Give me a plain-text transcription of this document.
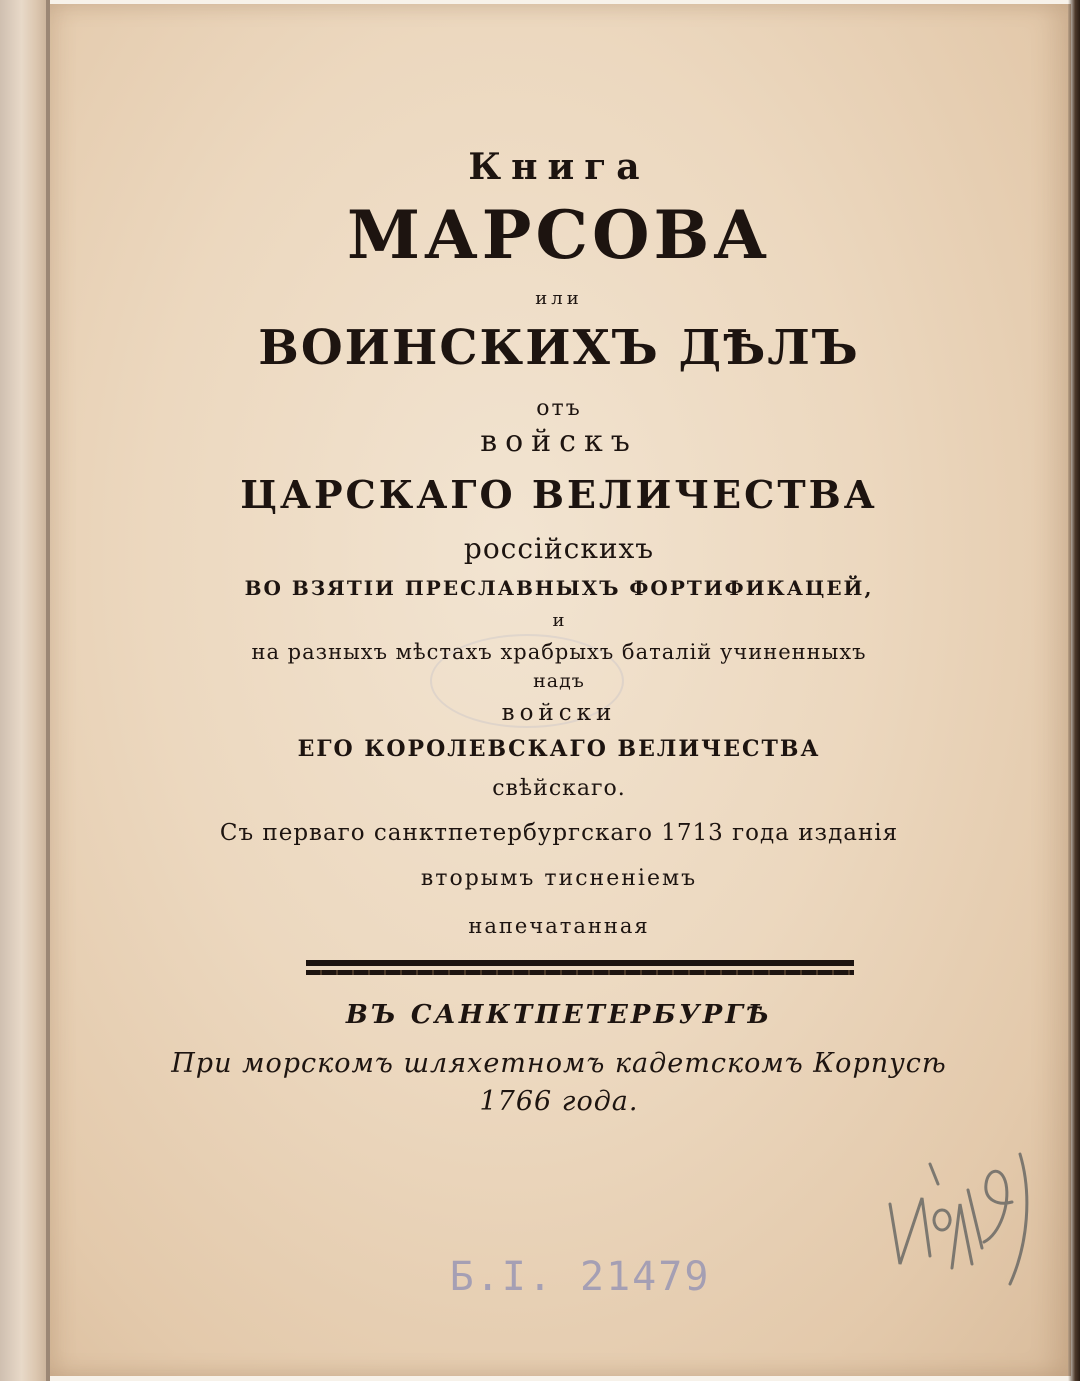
Книга

МАРСОВА

или

ВОИНСКИХЪ ДѢЛЪ

отъ

войскъ

ЦАРСКАГО ВЕЛИЧЕСТВА

россiйскихъ

ВО ВЗЯТIИ ПРЕСЛАВНЫХЪ ФОРТИФИКАЦЕЙ,

и

на разныхъ мѣстахъ храбрыхъ баталiй учиненныхъ

надъ

войски

ЕГО КОРОЛЕВСКАГО ВЕЛИЧЕСТВА

свѣйскаго.

Съ перваго санктпетербургскаго 1713 года изданiя

вторымъ тисненiемъ

напечатанная

ВЪ САНКТПЕТЕРБУРГѢ

При морскомъ шляхетномъ кадетскомъ Корпусѣ

1766 года.

Б.I. 21479
